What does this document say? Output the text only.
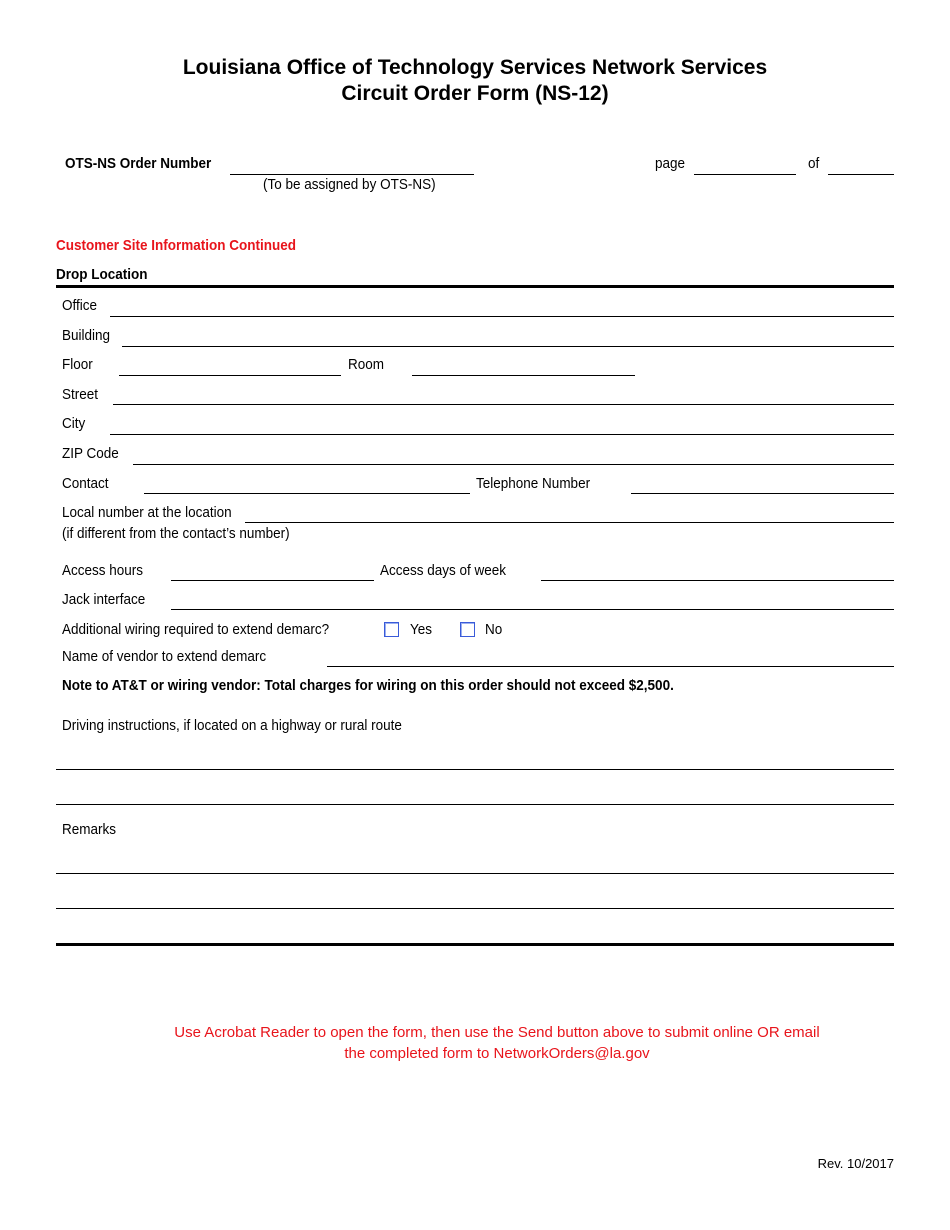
Louisiana Office of Technology Services Network Services
Circuit Order Form (NS-12)
OTS-NS Order Number
(To be assigned by OTS-NS)
page	of
Customer Site Information Continued
Drop Location
Office
Building
Floor	Room
Street
City
ZIP Code
Contact	Telephone Number
Local number at the location
(if different from the contact’s number)
Access hours	Access days of week
Jack interface
Additional wiring required to extend demarc?	Yes	No
Name of vendor to extend demarc
Note to AT&T or wiring vendor: Total charges for wiring on this order should not exceed $2,500.
Driving instructions, if located on a highway or rural route
Remarks
Use Acrobat Reader to open the form, then use the Send button above to submit online OR email
the completed form to NetworkOrders@la.gov
Rev. 10/2017
